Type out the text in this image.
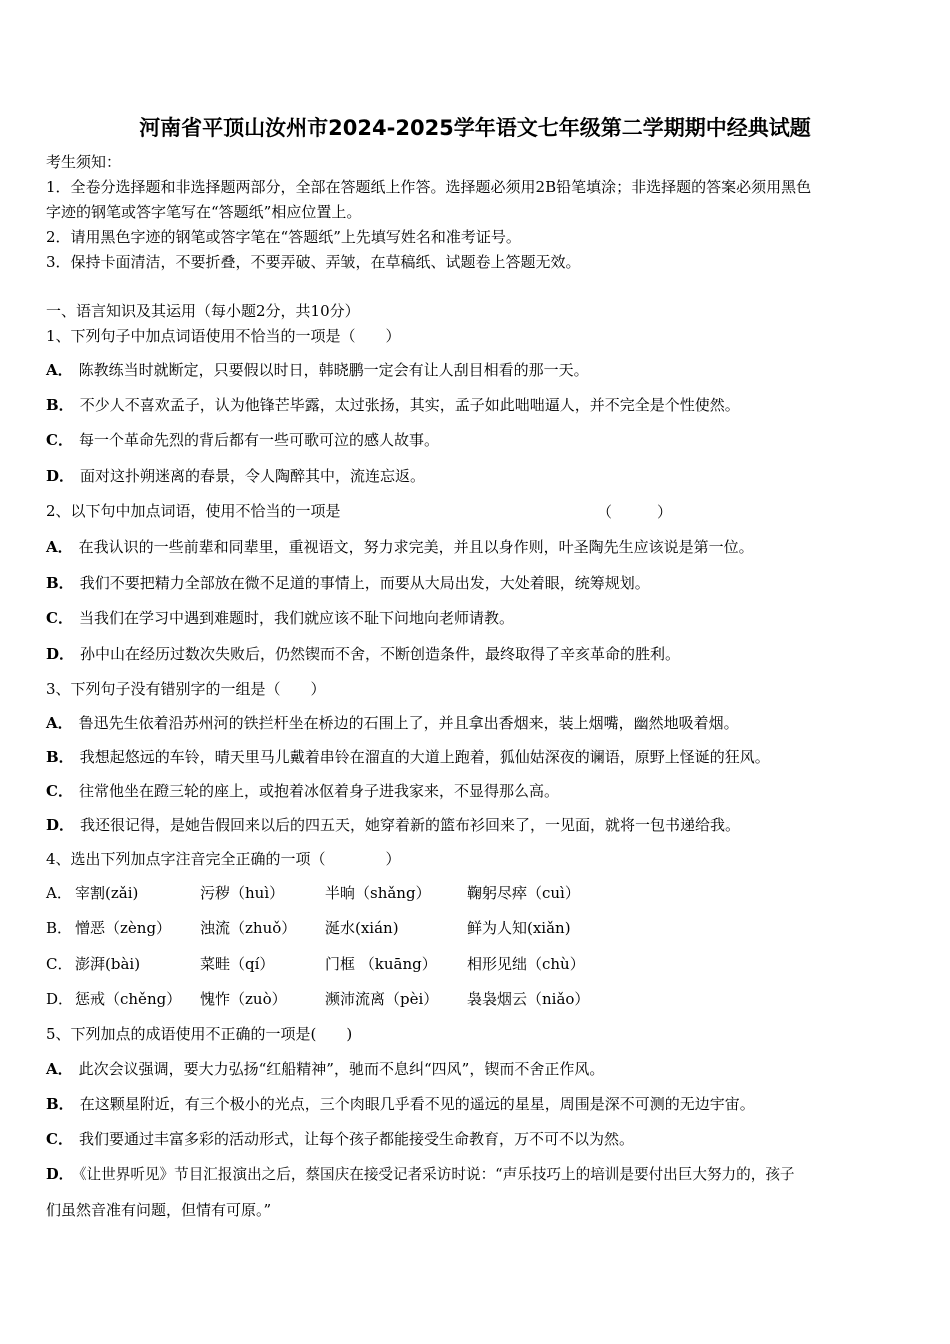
河南省平顶山汝州市2024-2025学年语文七年级第二学期期中经典试题
考生须知：
1．全卷分选择题和非选择题两部分，全部在答题纸上作答。选择题必须用2B铅笔填涂；非选择题的答案必须用黑色
字迹的钢笔或答字笔写在“答题纸”相应位置上。
2．请用黑色字迹的钢笔或答字笔在“答题纸”上先填写姓名和准考证号。
3．保持卡面清洁，不要折叠，不要弄破、弄皱，在草稿纸、试题卷上答题无效。
一、语言知识及其运用（每小题2分，共10分）
1、下列句子中加点词语使用不恰当的一项是（　　）
A． 陈教练当时就断定，只要假以时日，韩晓鹏一定会有让人刮目相看的那一天。
B． 不少人不喜欢孟子，认为他锋芒毕露，太过张扬，其实，孟子如此咄咄逼人，并不完全是个性使然。
C． 每一个革命先烈的背后都有一些可歌可泣的感人故事。
D． 面对这扑朔迷离的春景，令人陶醉其中，流连忘返。
2、以下句中加点词语，使用不恰当的一项是	（　　　）
A． 在我认识的一些前辈和同辈里，重视语文，努力求完美，并且以身作则，叶圣陶先生应该说是第一位。
B． 我们不要把精力全部放在微不足道的事情上，而要从大局出发，大处着眼，统筹规划。
C． 当我们在学习中遇到难题时，我们就应该不耻下问地向老师请教。
D． 孙中山在经历过数次失败后，仍然锲而不舍，不断创造条件，最终取得了辛亥革命的胜利。
3、下列句子没有错别字的一组是（　　）
A． 鲁迅先生依着沿苏州河的铁拦杆坐在桥边的石围上了，并且拿出香烟来，装上烟嘴，幽然地吸着烟。
B． 我想起悠远的车铃，晴天里马儿戴着串铃在溜直的大道上跑着，狐仙姑深夜的谰语，原野上怪诞的狂风。
C． 往常他坐在蹬三轮的座上，或抱着冰伛着身子进我家来，不显得那么高。
D． 我还很记得，是她告假回来以后的四五天，她穿着新的篮布衫回来了，一见面，就将一包书递给我。
4、选出下列加点字注音完全正确的一项（　　　　）
A． 宰割(zǎi)	污秽（huì）	半晌（shǎng） 鞠躬尽瘁（cuì）
B． 憎恶（zèng） 浊流（zhuǒ） 涎水(xián)	鲜为人知(xiǎn)
C． 澎湃(bài)	菜畦（qí）	门框 （kuāng） 相形见绌（chù）
D． 惩戒（chěng） 愧怍（zuò）	濒沛流离（pèi） 袅袅烟云（niǎo）
5、下列加点的成语使用不正确的一项是(　　)
A． 此次会议强调，要大力弘扬“红船精神”，驰而不息纠“四风”，锲而不舍正作风。
B． 在这颗星附近，有三个极小的光点，三个肉眼几乎看不见的遥远的星星，周围是深不可测的无边宇宙。
C． 我们要通过丰富多彩的活动形式，让每个孩子都能接受生命教育，万不可不以为然。
D． 《让世界听见》节目汇报演出之后，蔡国庆在接受记者采访时说：“声乐技巧上的培训是要付出巨大努力的，孩子
们虽然音准有问题，但情有可原。”
